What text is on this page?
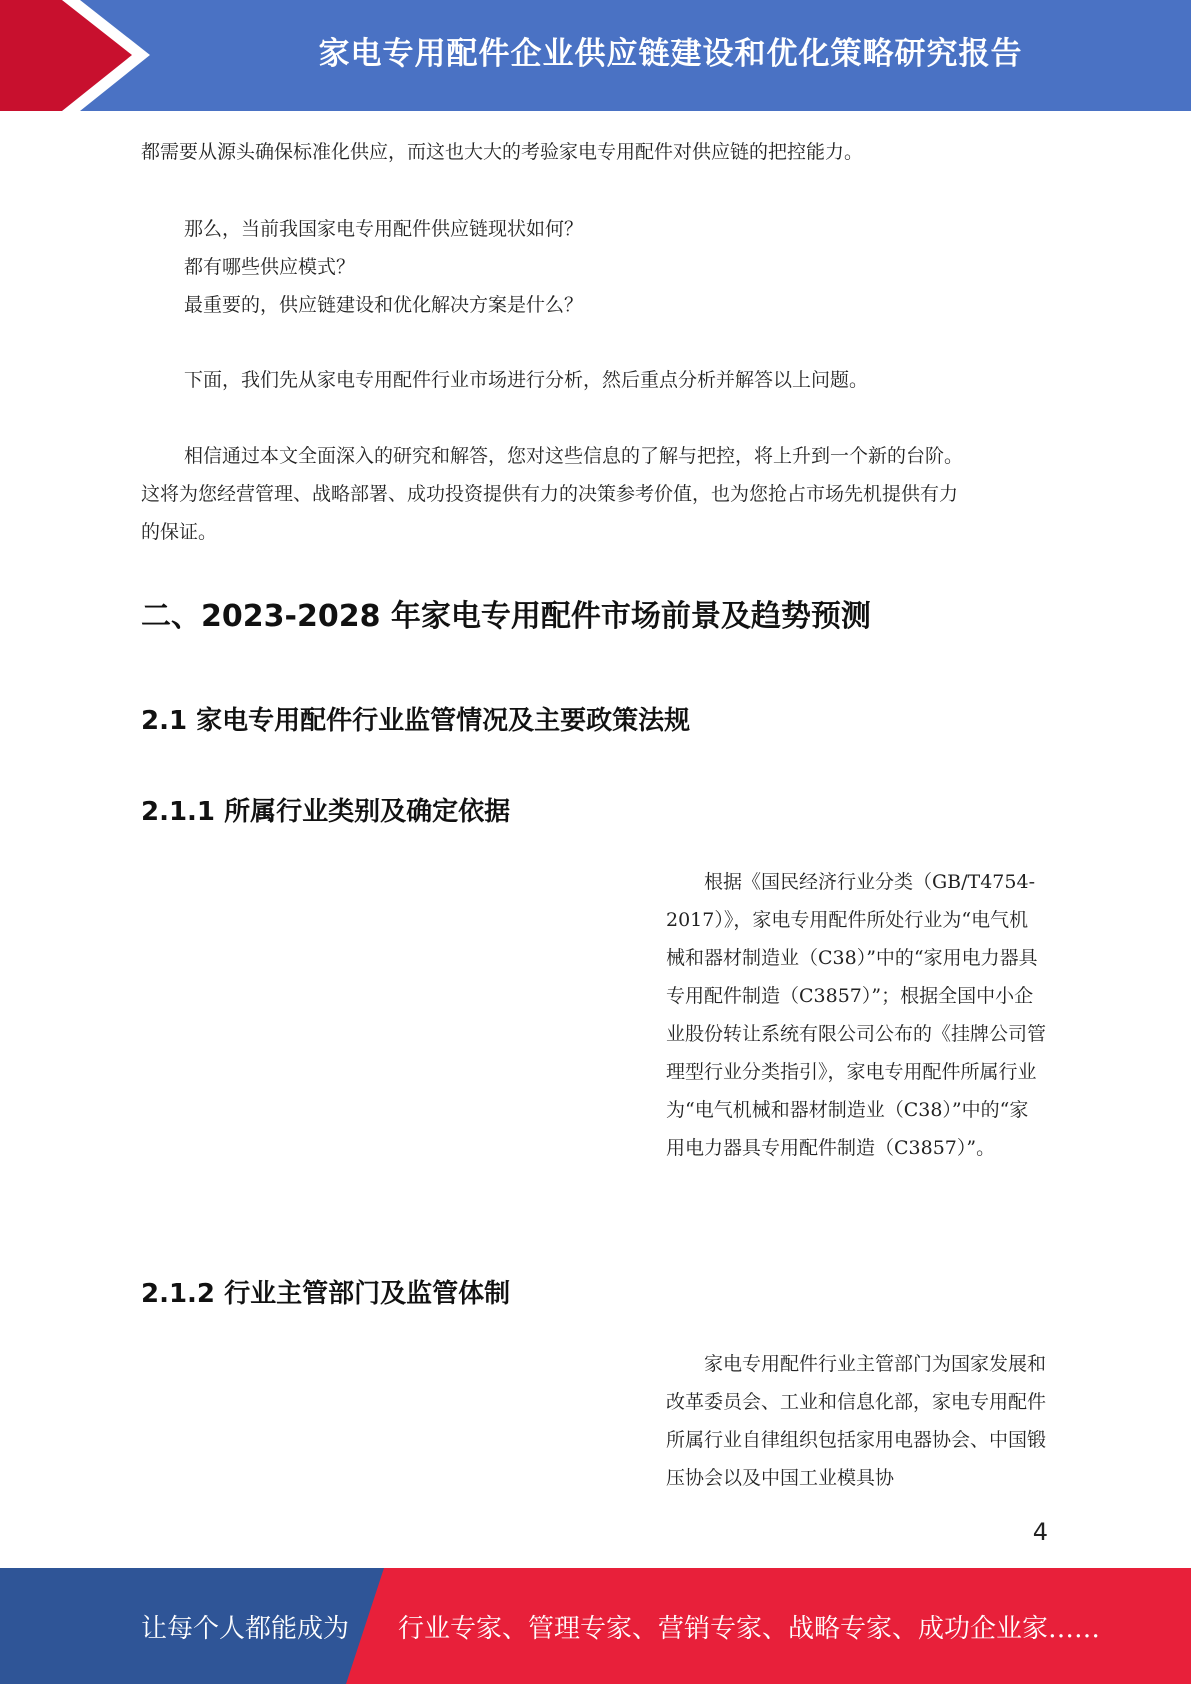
家电专用配件企业供应链建设和优化策略研究报告

都需要从源头确保标准化供应，而这也大大的考验家电专用配件对供应链的把控能力。

那么，当前我国家电专用配件供应链现状如何？

都有哪些供应模式？

最重要的，供应链建设和优化解决方案是什么？

下面，我们先从家电专用配件行业市场进行分析，然后重点分析并解答以上问题。

相信通过本文全面深入的研究和解答，您对这些信息的了解与把控，将上升到一个新的台阶。

这将为您经营管理、战略部署、成功投资提供有力的决策参考价值，也为您抢占市场先机提供有力

的保证。

二、2023-2028 年家电专用配件市场前景及趋势预测
2.1 家电专用配件行业监管情况及主要政策法规
2.1.1 所属行业类别及确定依据

根据《国民经济行业分类（GB/T4754-2017）》，家电专用配件所处行业为“电气机械和器材制造业（C38）”中的“家用电力器具专用配件制造（C3857）”；根据全国中小企业股份转让系统有限公司公布的《挂牌公司管理型行业分类指引》，家电专用配件所属行业为“电气机械和器材制造业（C38）”中的“家用电力器具专用配件制造（C3857）”。

2.1.2 行业主管部门及监管体制

家电专用配件行业主管部门为国家发展和改革委员会、工业和信息化部，家电专用配件所属行业自律组织包括家用电器协会、中国锻压协会以及中国工业模具协

4
让每个人都能成为 行业专家、管理专家、营销专家、战略专家、成功企业家……
